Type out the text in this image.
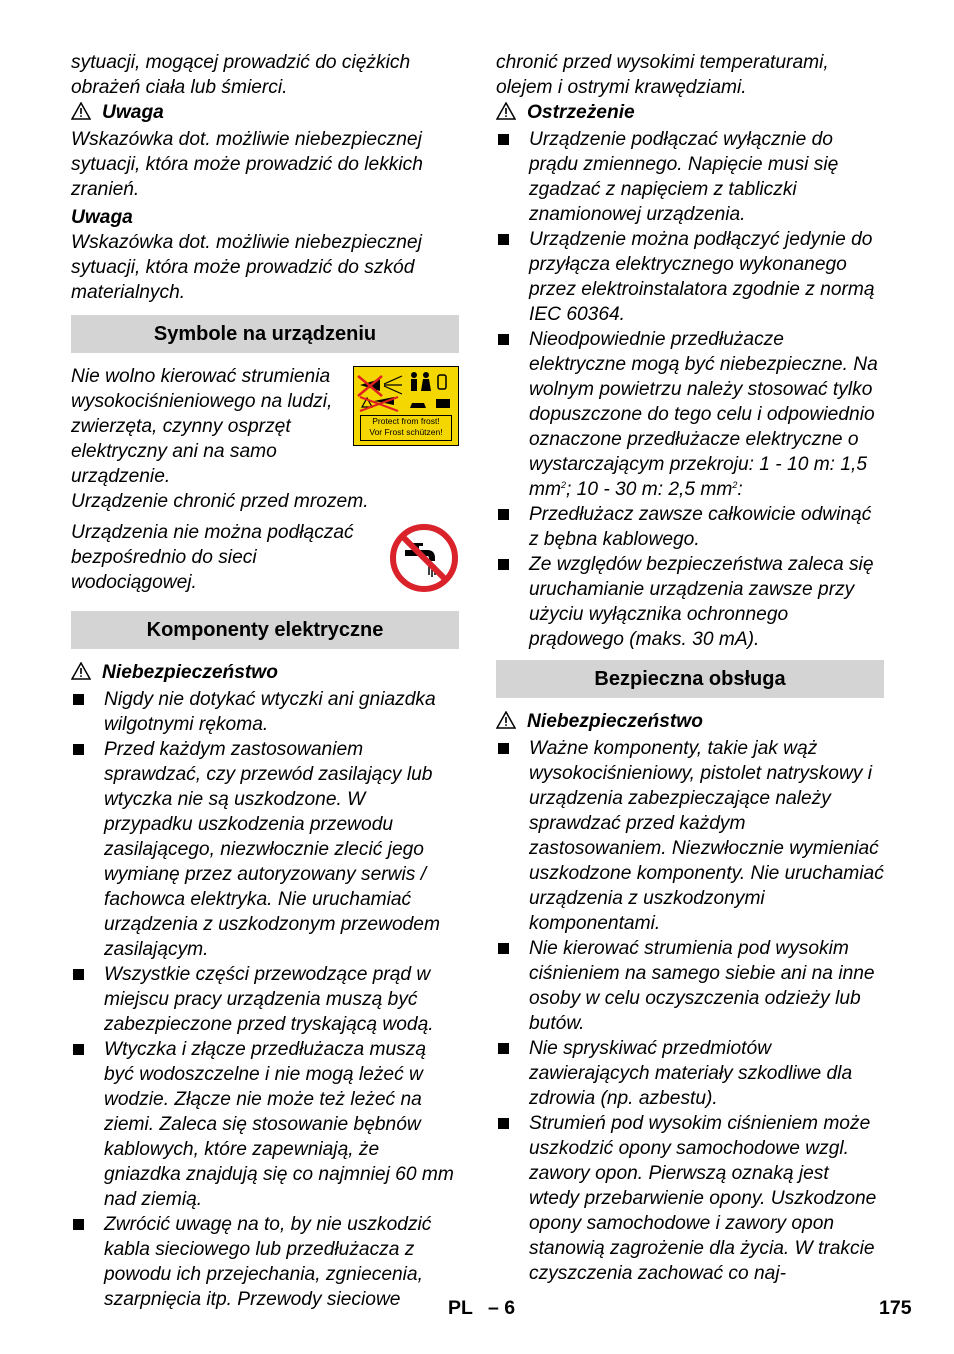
sytuacji, mogącej prowadzić do ciężkich obrażeń ciała lub śmierci.

Uwaga

Wskazówka dot. możliwie niebezpiecznej sytuacji, która może prowadzić do lekkich zranień.

Uwaga

Wskazówka dot. możliwie niebezpiecznej sytuacji, która może prowadzić do szkód materialnych.

Symbole na urządzeniu

Nie wolno kierować strumienia wysokociśnieniowego na ludzi, zwierzęta, czynny osprzęt elektryczny ani na samo urządzenie.

Protect from frost!
Vor Frost schützen!

Urządzenie chronić przed mrozem.

Urządzenia nie można podłączać bezpośrednio do sieci wodociągowej.

Komponenty elektryczne

Niebezpieczeństwo

Nigdy nie dotykać wtyczki ani gniazdka wilgotnymi rękoma.
Przed każdym zastosowaniem sprawdzać, czy przewód zasilający lub wtyczka nie są uszkodzone. W przypadku uszkodzenia przewodu zasilającego, niezwłocznie zlecić jego wymianę przez autoryzowany serwis / fachowca elektryka. Nie uruchamiać urządzenia z uszkodzonym przewodem zasilającym.
Wszystkie części przewodzące prąd w miejscu pracy urządzenia muszą być zabezpieczone przed tryskającą wodą.
Wtyczka i złącze przedłużacza muszą być wodoszczelne i nie mogą leżeć w wodzie. Złącze nie może też leżeć na ziemi. Zaleca się stosowanie bębnów kablowych, które zapewniają, że gniazdka znajdują się co najmniej 60 mm nad ziemią.
Zwrócić uwagę na to, by nie uszkodzić kabla sieciowego lub przedłużacza z powodu ich przejechania, zgniecenia, szarpnięcia itp. Przewody sieciowe

chronić przed wysokimi temperaturami, olejem i ostrymi krawędziami.

Ostrzeżenie

Urządzenie podłączać wyłącznie do prądu zmiennego. Napięcie musi się zgadzać z napięciem z tabliczki znamionowej urządzenia.
Urządzenie można podłączyć jedynie do przyłącza elektrycznego wykonanego przez elektroinstalatora zgodnie z normą IEC 60364.
Nieodpowiednie przedłużacze elektryczne mogą być niebezpieczne. Na wolnym powietrzu należy stosować tylko dopuszczone do tego celu i odpowiednio oznaczone przedłużacze elektryczne o wystarczającym przekroju: 1 - 10 m: 1,5 $mm^2$; 10 - 30 m: 2,5 $mm^2$:
Przedłużacz zawsze całkowicie odwinąć z bębna kablowego.
Ze względów bezpieczeństwa zaleca się uruchamianie urządzenia zawsze przy użyciu wyłącznika ochronnego prądowego (maks. 30 mA).
Bezpieczna obsługa

Niebezpieczeństwo

Ważne komponenty, takie jak wąż wysokociśnieniowy, pistolet natryskowy i urządzenia zabezpieczające należy sprawdzać przed każdym zastosowaniem. Niezwłocznie wymieniać uszkodzone komponenty. Nie uruchamiać urządzenia z uszkodzonymi komponentami.
Nie kierować strumienia pod wysokim ciśnieniem na samego siebie ani na inne osoby w celu oczyszczenia odzieży lub butów.
Nie spryskiwać przedmiotów zawierających materiały szkodliwe dla zdrowia (np. azbestu).
Strumień pod wysokim ciśnieniem może uszkodzić opony samochodowe wzgl. zawory opon. Pierwszą oznaką jest wtedy przebarwienie opony. Uszkodzone opony samochodowe i zawory opon stanowią zagrożenie dla życia. W trakcie czyszczenia zachować co naj-
PL – 6	175
